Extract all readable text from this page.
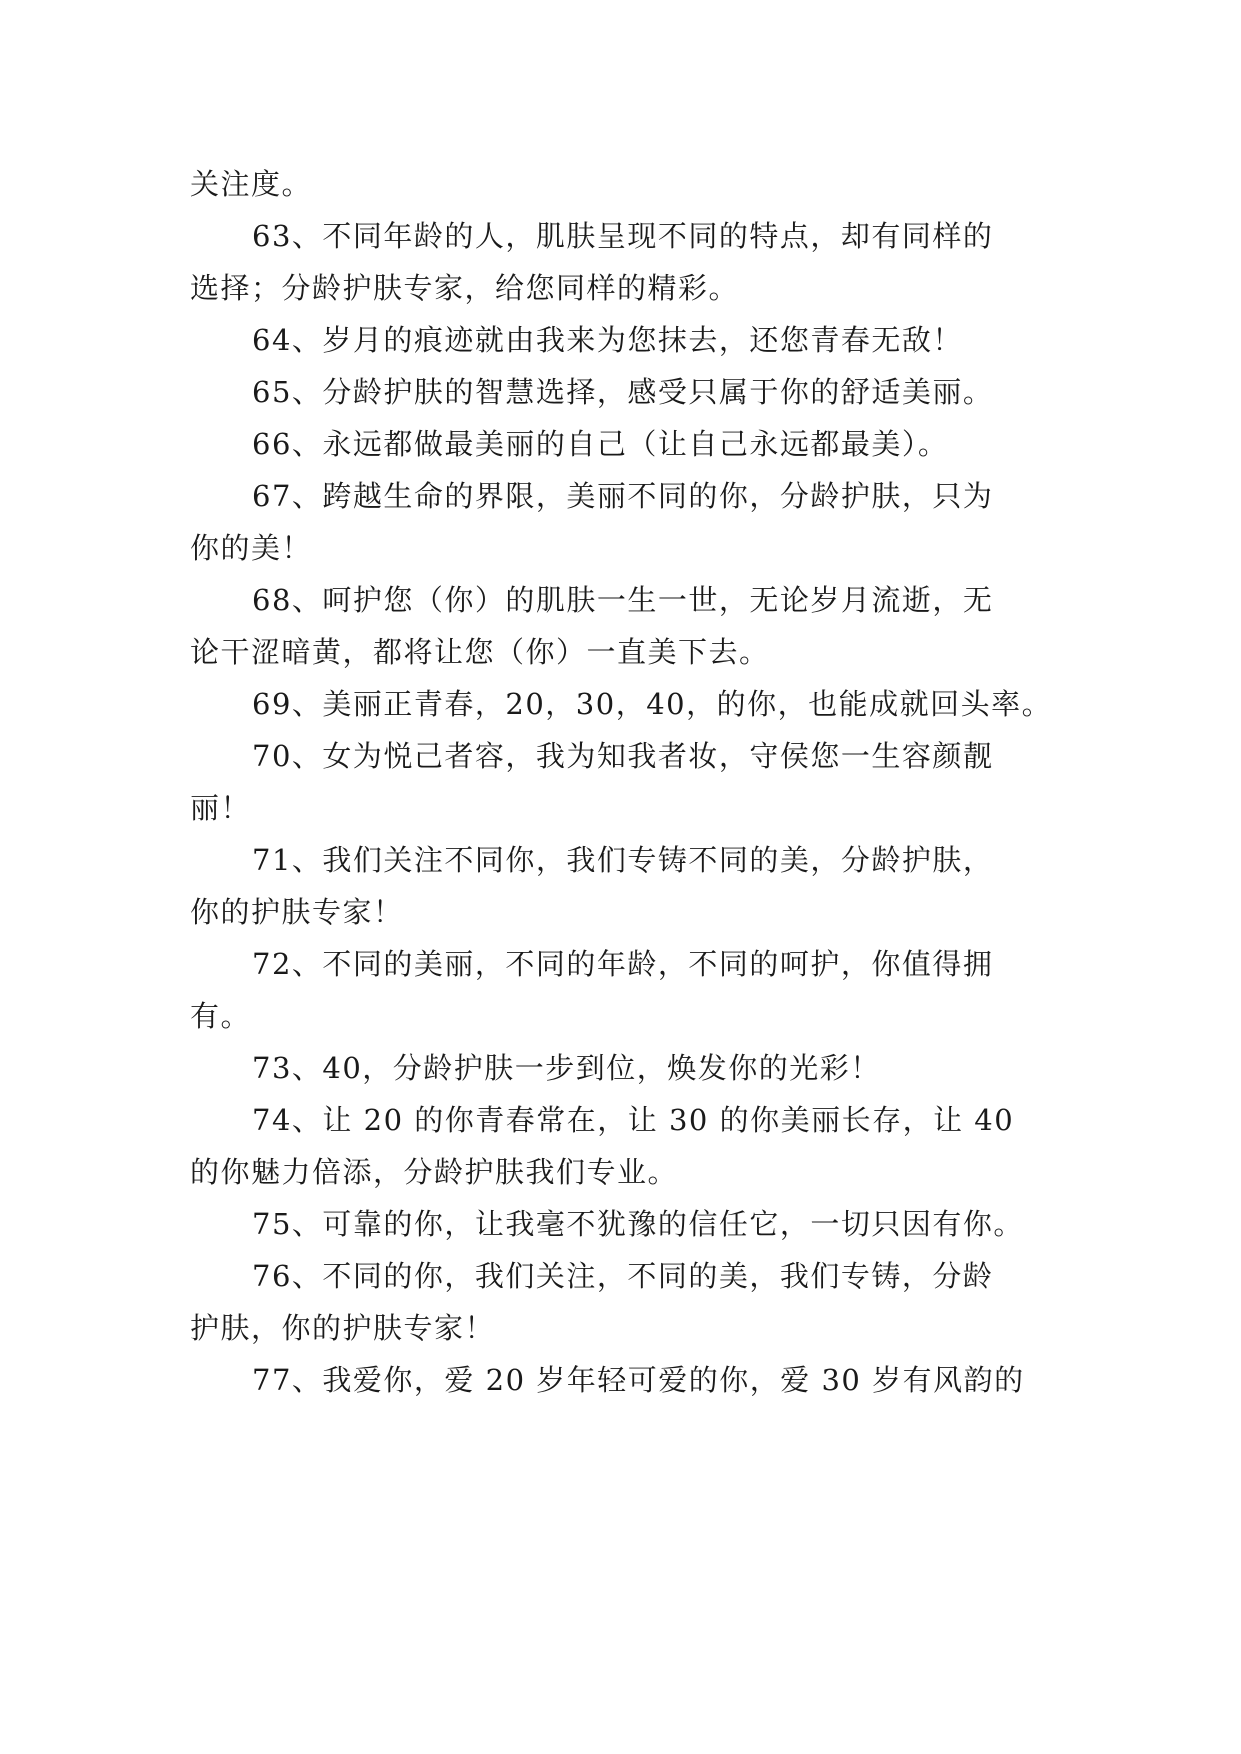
关注度。
63、不同年龄的人，肌肤呈现不同的特点，却有同样的
选择；分龄护肤专家，给您同样的精彩。
64、岁月的痕迹就由我来为您抹去，还您青春无敌！
65、分龄护肤的智慧选择，感受只属于你的舒适美丽。
66、永远都做最美丽的自己（让自己永远都最美）。
67、跨越生命的界限，美丽不同的你，分龄护肤，只为
你的美！
68、呵护您（你）的肌肤一生一世，无论岁月流逝，无
论干涩暗黄，都将让您（你）一直美下去。
69、美丽正青春，20，30，40，的你，也能成就回头率。
70、女为悦己者容，我为知我者妆，守侯您一生容颜靓
丽！
71、我们关注不同你，我们专铸不同的美，分龄护肤，
你的护肤专家！
72、不同的美丽，不同的年龄，不同的呵护，你值得拥
有。
73、40，分龄护肤一步到位，焕发你的光彩！
74、让 20 的你青春常在，让 30 的你美丽长存，让 40
的你魅力倍添，分龄护肤我们专业。
75、可靠的你，让我毫不犹豫的信任它，一切只因有你。
76、不同的你，我们关注，不同的美，我们专铸，分龄
护肤，你的护肤专家！
77、我爱你，爱 20 岁年轻可爱的你，爱 30 岁有风韵的
